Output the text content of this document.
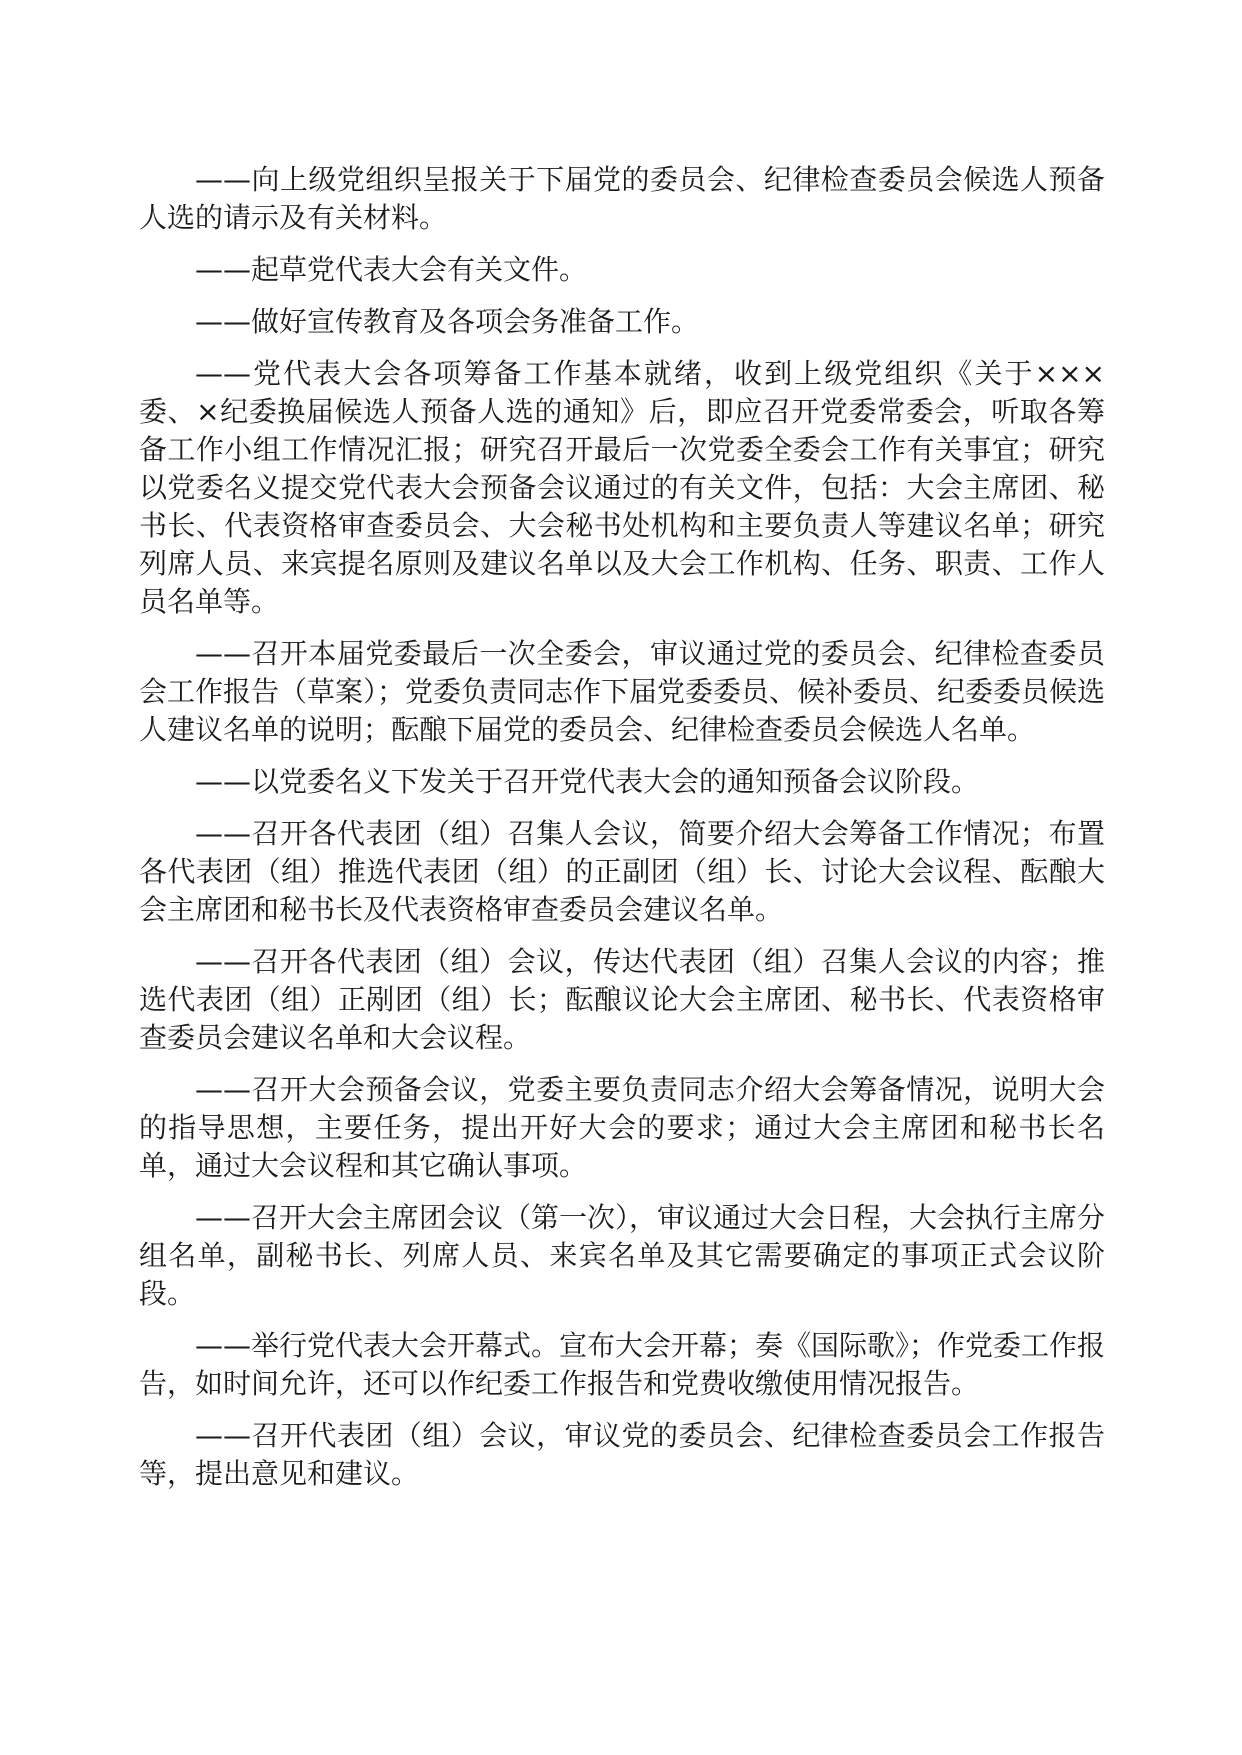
——向上级党组织呈报关于下届党的委员会、纪律检查委员会候选人预备人选的请示及有关材料。

——起草党代表大会有关文件。

——做好宣传教育及各项会务准备工作。

——党代表大会各项筹备工作基本就绪，收到上级党组织《关于×××委、×纪委换届候选人预备人选的通知》后，即应召开党委常委会，听取各筹备工作小组工作情况汇报；研究召开最后一次党委全委会工作有关事宜；研究以党委名义提交党代表大会预备会议通过的有关文件，包括：大会主席团、秘书长、代表资格审查委员会、大会秘书处机构和主要负责人等建议名单；研究列席人员、来宾提名原则及建议名单以及大会工作机构、任务、职责、工作人员名单等。

——召开本届党委最后一次全委会，审议通过党的委员会、纪律检查委员会工作报告（草案）；党委负责同志作下届党委委员、候补委员、纪委委员候选人建议名单的说明；酝酿下届党的委员会、纪律检查委员会候选人名单。

——以党委名义下发关于召开党代表大会的通知预备会议阶段。

——召开各代表团（组）召集人会议，简要介绍大会筹备工作情况；布置各代表团（组）推选代表团（组）的正副团（组）长、讨论大会议程、酝酿大会主席团和秘书长及代表资格审查委员会建议名单。

——召开各代表团（组）会议，传达代表团（组）召集人会议的内容；推选代表团（组）正剐团（组）长；酝酿议论大会主席团、秘书长、代表资格审查委员会建议名单和大会议程。

——召开大会预备会议，党委主要负责同志介绍大会筹备情况，说明大会的指导思想，主要任务，提出开好大会的要求；通过大会主席团和秘书长名单，通过大会议程和其它确认事项。

——召开大会主席团会议（第一次），审议通过大会日程，大会执行主席分组名单，副秘书长、列席人员、来宾名单及其它需要确定的事项正式会议阶段。

——举行党代表大会开幕式。宣布大会开幕；奏《国际歌》；作党委工作报告，如时间允许，还可以作纪委工作报告和党费收缴使用情况报告。

——召开代表团（组）会议，审议党的委员会、纪律检查委员会工作报告等，提出意见和建议。
